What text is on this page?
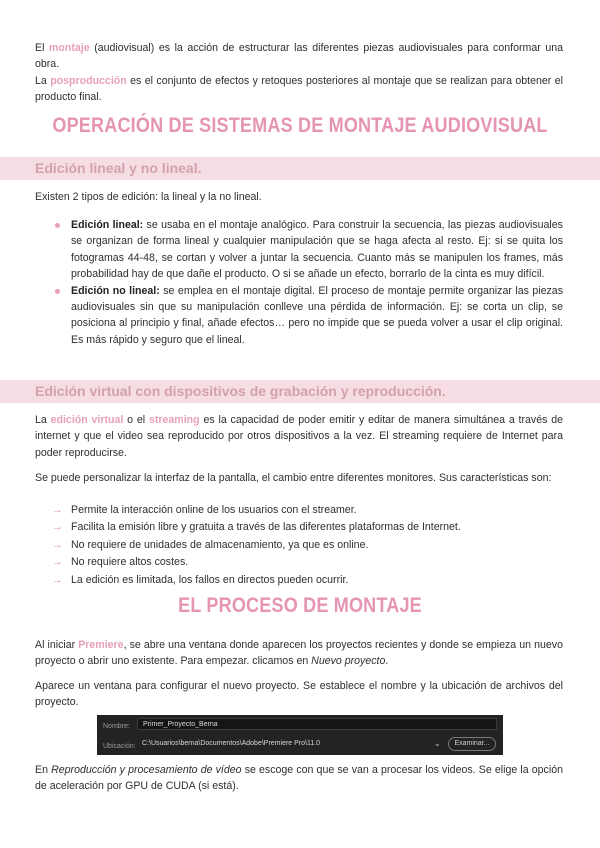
El montaje (audiovisual) es la acción de estructurar las diferentes piezas audiovisuales para conformar una obra.
La posproducción es el conjunto de efectos y retoques posteriores al montaje que se realizan para obtener el producto final.
OPERACIÓN DE SISTEMAS DE MONTAJE AUDIOVISUAL
Edición lineal y no lineal.
Existen 2 tipos de edición: la lineal y la no lineal.
Edición lineal: se usaba en el montaje analógico. Para construir la secuencia, las piezas audiovisuales se organizan de forma lineal y cualquier manipulación que se haga afecta al resto. Ej: si se quita los fotogramas 44-48, se cortan y volver a juntar la secuencia. Cuanto más se manipulen los frames, más probabilidad hay de que dañe el producto. O si se añade un efecto, borrarlo de la cinta es muy difícil.
Edición no lineal: se emplea en el montaje digital. El proceso de montaje permite organizar las piezas audiovisuales sin que su manipulación conlleve una pérdida de información. Ej: se corta un clip, se posiciona al principio y final, añade efectos… pero no impide que se pueda volver a usar el clip original. Es más rápido y seguro que el lineal.
Edición virtual con dispositivos de grabación y reproducción.
La edición virtual o el streaming es la capacidad de poder emitir y editar de manera simultánea a través de internet y que el video sea reproducido por otros dispositivos a la vez. El streaming requiere de Internet para poder reproducirse.
Se puede personalizar la interfaz de la pantalla, el cambio entre diferentes monitores. Sus características son:
→ Permite la interacción online de los usuarios con el streamer.
→ Facilita la emisión libre y gratuita a través de las diferentes plataformas de Internet.
→ No requiere de unidades de almacenamiento, ya que es online.
→ No requiere altos costes.
→ La edición es limitada, los fallos en directos pueden ocurrir.
EL PROCESO DE MONTAJE
Al iniciar Premiere, se abre una ventana donde aparecen los proyectos recientes y donde se empieza un nuevo proyecto o abrir uno existente. Para empezar. clicamos en Nuevo proyecto.
Aparece un ventana para configurar el nuevo proyecto. Se establece el nombre y la ubicación de archivos del proyecto.
Nombre:	Primer_Proyecto_Berna
Ubicación: C:\Usuarios\berna\Documentos\Adobe\Premiere Pro\11.0	⌄	Examinar...
En Reproducción y procesamiento de vídeo se escoge con que se van a procesar los videos. Se elige la opción de aceleración por GPU de CUDA (si está).
